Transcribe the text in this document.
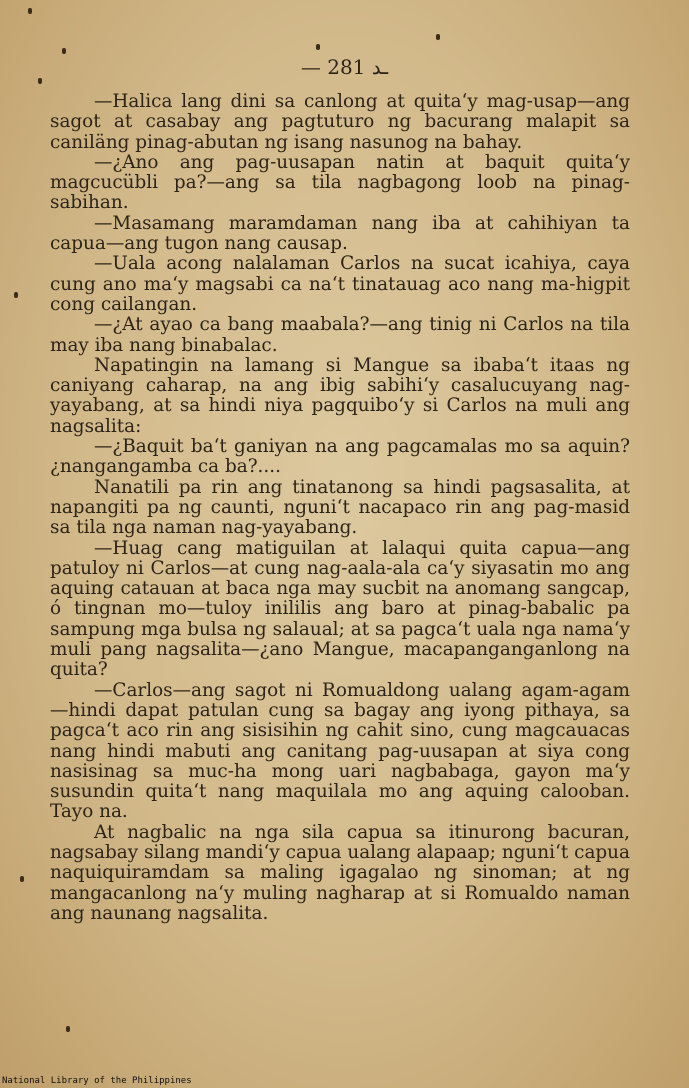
— 281 ـد

—Halica lang dini sa canlong at quita‘y mag-usap—ang sagot at casabay ang pagtuturo ng bacurang malapit sa caniläng pinag-abutan ng isang nasunog na bahay.

—¿Ano ang pag-uusapan natin at baquit quita‘y magcucübli pa?—ang sa tila nagbagong loob na pinag-sabihan.

—Masamang maramdaman nang iba at cahihiyan ta capua—ang tugon nang causap.

—Uala acong nalalaman Carlos na sucat icahiya, caya cung ano ma‘y magsabi ca na‘t tinatauag aco nang ma-higpit cong cailangan.

—¿At ayao ca bang maabala?—ang tinig ni Carlos na tila may iba nang binabalac.

Napatingin na lamang si Mangue sa ibaba‘t itaas ng caniyang caharap, na ang ibig sabihi‘y casalucuyang nag-yayabang, at sa hindi niya pagquibo‘y si Carlos na muli ang nagsalita:

—¿Baquit ba‘t ganiyan na ang pagcamalas mo sa aquin? ¿nangangamba ca ba?....

Nanatili pa rin ang tinatanong sa hindi pagsasalita, at napangiti pa ng caunti, nguni‘t nacapaco rin ang pag-masid sa tila nga naman nag-yayabang.

—Huag cang matiguilan at lalaqui quita capua—ang patuloy ni Carlos—at cung nag-aala-ala ca‘y siyasatin mo ang aquing catauan at baca nga may sucbit na anomang sangcap, ó tingnan mo—tuloy inililis ang baro at pinag-babalic pa sampung mga bulsa ng salaual; at sa pagca‘t uala nga nama‘y muli pang nagsalita—¿ano Mangue, macapanganganlong na quita?

—Carlos—ang sagot ni Romualdong ualang agam-agam—hindi dapat patulan cung sa bagay ang iyong pithaya, sa pagca‘t aco rin ang sisisihin ng cahit sino, cung magcauacas nang hindi mabuti ang canitang pag-uusapan at siya cong nasisinag sa muc-ha mong uari nagbabaga, gayon ma‘y susundin quita‘t nang maquilala mo ang aquing calooban. Tayo na.

At nagbalic na nga sila capua sa itinurong bacuran, nagsabay silang mandi‘y capua ualang alapaap; nguni‘t capua naquiquiramdam sa maling igagalao ng sinoman; at ng mangacanlong na‘y muling nagharap at si Romualdo naman ang naunang nagsalita.

National Library of the Philippines
